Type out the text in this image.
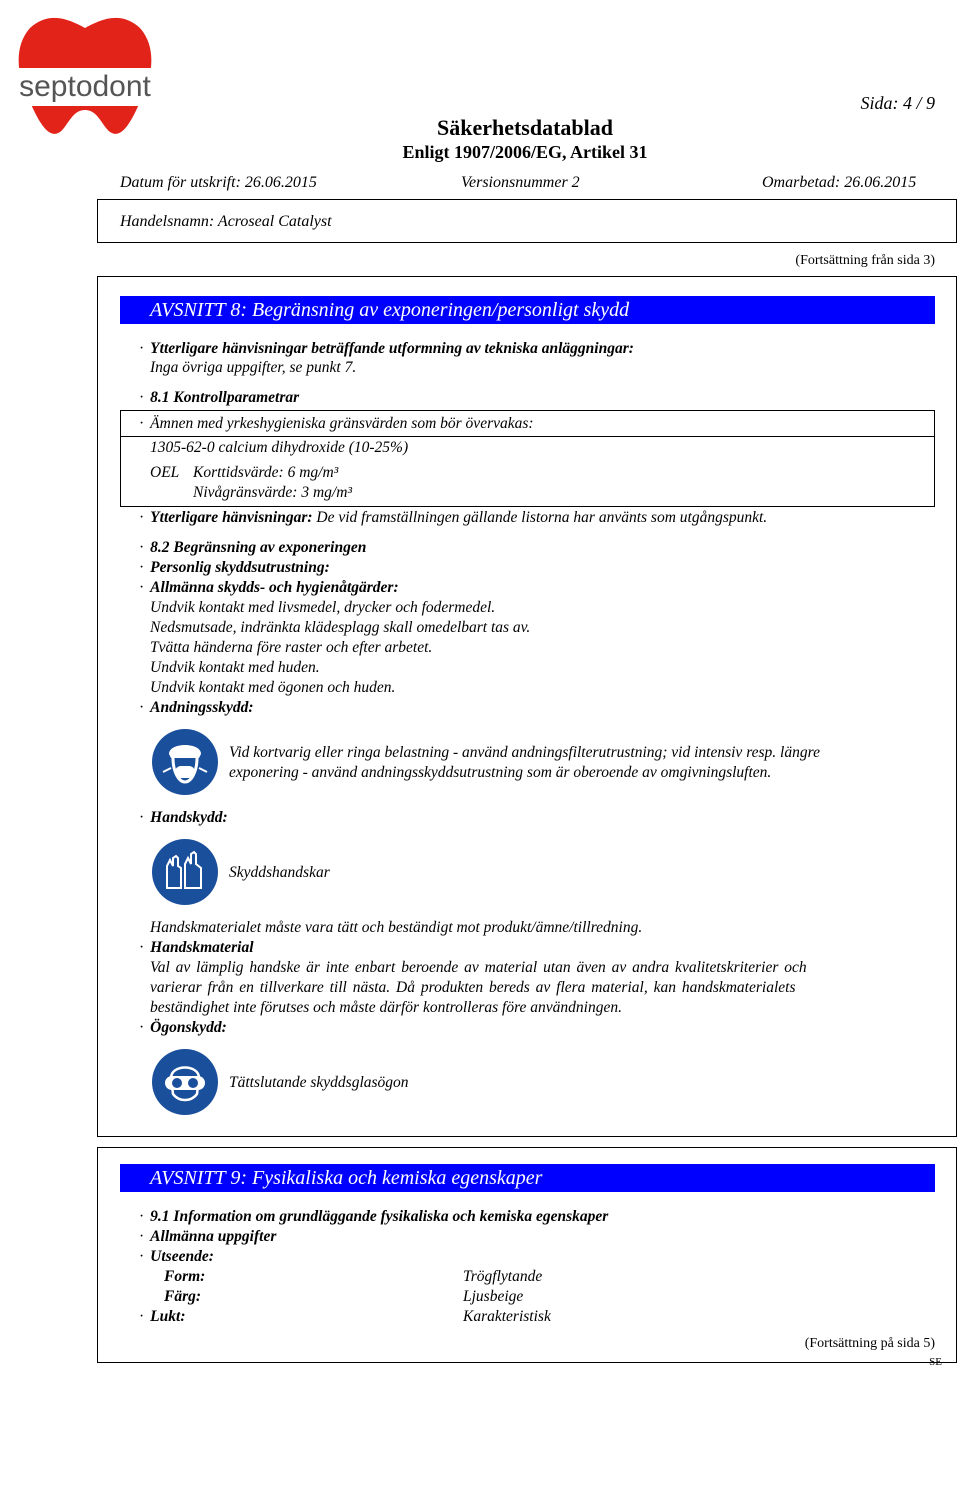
septodont	Sida: 4 / 9
Säkerhetsdatablad
Enligt 1907/2006/EG, Artikel 31
Datum för utskrift: 26.06.2015	Versionsnummer 2	Omarbetad: 26.06.2015
Handelsnamn: Acroseal Catalyst
(Fortsättning från sida 3)
AVSNITT 8: Begränsning av exponeringen/personligt skydd
· Ytterligare hänvisningar beträffande utformning av tekniska anläggningar:
Inga övriga uppgifter, se punkt 7.
· 8.1 Kontrollparametrar
· Ämnen med yrkeshygieniska gränsvärden som bör övervakas:
1305-62-0 calcium dihydroxide (10-25%)
OEL Korttidsvärde: 6 mg/m³
Nivågränsvärde: 3 mg/m³
· Ytterligare hänvisningar: De vid framställningen gällande listorna har använts som utgångspunkt.
· 8.2 Begränsning av exponeringen
· Personlig skyddsutrustning:
· Allmänna skydds- och hygienåtgärder:
Undvik kontakt med livsmedel, drycker och fodermedel.
Nedsmutsade, indränkta klädesplagg skall omedelbart tas av.
Tvätta händerna före raster och efter arbetet.
Undvik kontakt med huden.
Undvik kontakt med ögonen och huden.
· Andningsskydd:
Vid kortvarig eller ringa belastning - använd andningsfilterutrustning; vid intensiv resp. längre
exponering - använd andningsskyddsutrustning som är oberoende av omgivningsluften.
· Handskydd:
Skyddshandskar
Handskmaterialet måste vara tätt och beständigt mot produkt/ämne/tillredning.
· Handskmaterial
Val av lämplig handske är inte enbart beroende av material utan även av andra kvalitetskriterier och
varierar från en tillverkare till nästa. Då produkten bereds av flera material, kan handskmaterialets
beständighet inte förutses och måste därför kontrolleras före användningen.
· Ögonskydd:
Tättslutande skyddsglasögon
AVSNITT 9: Fysikaliska och kemiska egenskaper
· 9.1 Information om grundläggande fysikaliska och kemiska egenskaper
· Allmänna uppgifter
· Utseende:
Form:	Trögflytande
Färg:	Ljusbeige
· Lukt:	Karakteristisk
(Fortsättning på sida 5)
SE
